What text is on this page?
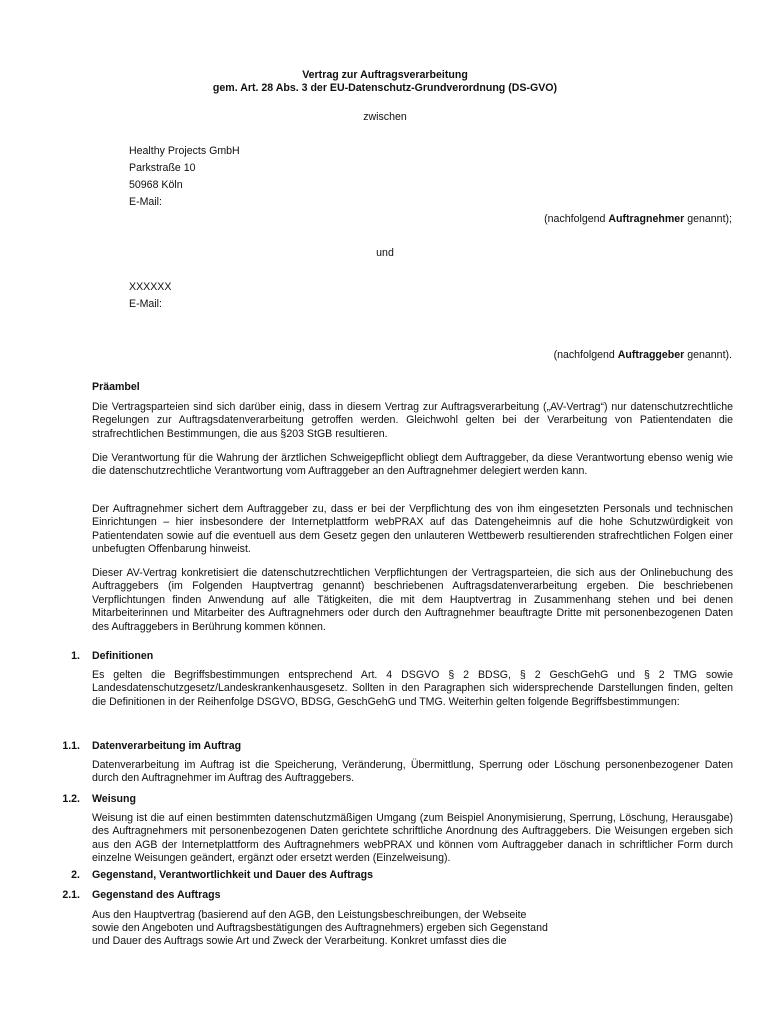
Vertrag zur Auftragsverarbeitung
gem. Art. 28 Abs. 3 der EU-Datenschutz-Grundverordnung (DS-GVO)
zwischen
Healthy Projects GmbH
Parkstraße 10
50968 Köln
E-Mail:
(nachfolgend Auftragnehmer genannt);
und
XXXXXX
E-Mail:
(nachfolgend Auftraggeber genannt).
Präambel
Die Vertragsparteien sind sich darüber einig, dass in diesem Vertrag zur Auftragsverarbeitung („AV-Vertrag“) nur datenschutzrechtliche Regelungen zur Auftragsdatenverarbeitung getroffen werden. Gleichwohl gelten bei der Verarbeitung von Patientendaten die strafrechtlichen Bestimmungen, die aus §203 StGB resultieren.
Die Verantwortung für die Wahrung der ärztlichen Schweigepflicht obliegt dem Auftraggeber, da diese Verantwortung ebenso wenig wie die datenschutzrechtliche Verantwortung vom Auftraggeber an den Auftragnehmer delegiert werden kann.
Der Auftragnehmer sichert dem Auftraggeber zu, dass er bei der Verpflichtung des von ihm eingesetzten Personals und technischen Einrichtungen – hier insbesondere der Internetplattform webPRAX auf das Datengeheimnis auf die hohe Schutzwürdigkeit von Patientendaten sowie auf die eventuell aus dem Gesetz gegen den unlauteren Wettbewerb resultierenden strafrechtlichen Folgen einer unbefugten Offenbarung hinweist.
Dieser AV-Vertrag konkretisiert die datenschutzrechtlichen Verpflichtungen der Vertragsparteien, die sich aus der Onlinebuchung des Auftraggebers (im Folgenden Hauptvertrag genannt) beschriebenen Auftragsdatenverarbeitung ergeben. Die beschriebenen Verpflichtungen finden Anwendung auf alle Tätigkeiten, die mit dem Hauptvertrag in Zusammenhang stehen und bei denen Mitarbeiterinnen und Mitarbeiter des Auftragnehmers oder durch den Auftragnehmer beauftragte Dritte mit personenbezogenen Daten des Auftraggebers in Berührung kommen können.
1. Definitionen
Es gelten die Begriffsbestimmungen entsprechend Art. 4 DSGVO § 2 BDSG, § 2 GeschGehG und § 2 TMG sowie Landesdatenschutzgesetz/Landeskrankenhausgesetz. Sollten in den Paragraphen sich widersprechende Darstellungen finden, gelten die Definitionen in der Reihenfolge DSGVO, BDSG, GeschGehG und TMG. Weiterhin gelten folgende Begriffsbestimmungen:
1.1. Datenverarbeitung im Auftrag
Datenverarbeitung im Auftrag ist die Speicherung, Veränderung, Übermittlung, Sperrung oder Löschung personenbezogener Daten durch den Auftragnehmer im Auftrag des Auftraggebers.
1.2. Weisung
Weisung ist die auf einen bestimmten datenschutzmäßigen Umgang (zum Beispiel Anonymisierung, Sperrung, Löschung, Herausgabe) des Auftragnehmers mit personenbezogenen Daten gerichtete schriftliche Anordnung des Auftraggebers. Die Weisungen ergeben sich aus den AGB der Internetplattform des Auftragnehmers webPRAX und können vom Auftraggeber danach in schriftlicher Form durch einzelne Weisungen geändert, ergänzt oder ersetzt werden (Einzelweisung).
2. Gegenstand, Verantwortlichkeit und Dauer des Auftrags
2.1. Gegenstand des Auftrags
Aus den Hauptvertrag (basierend auf den AGB, den Leistungsbeschreibungen, der Webseite
sowie den Angeboten und Auftragsbestätigungen des Auftragnehmers) ergeben sich Gegenstand
und Dauer des Auftrags sowie Art und Zweck der Verarbeitung. Konkret umfasst dies die
